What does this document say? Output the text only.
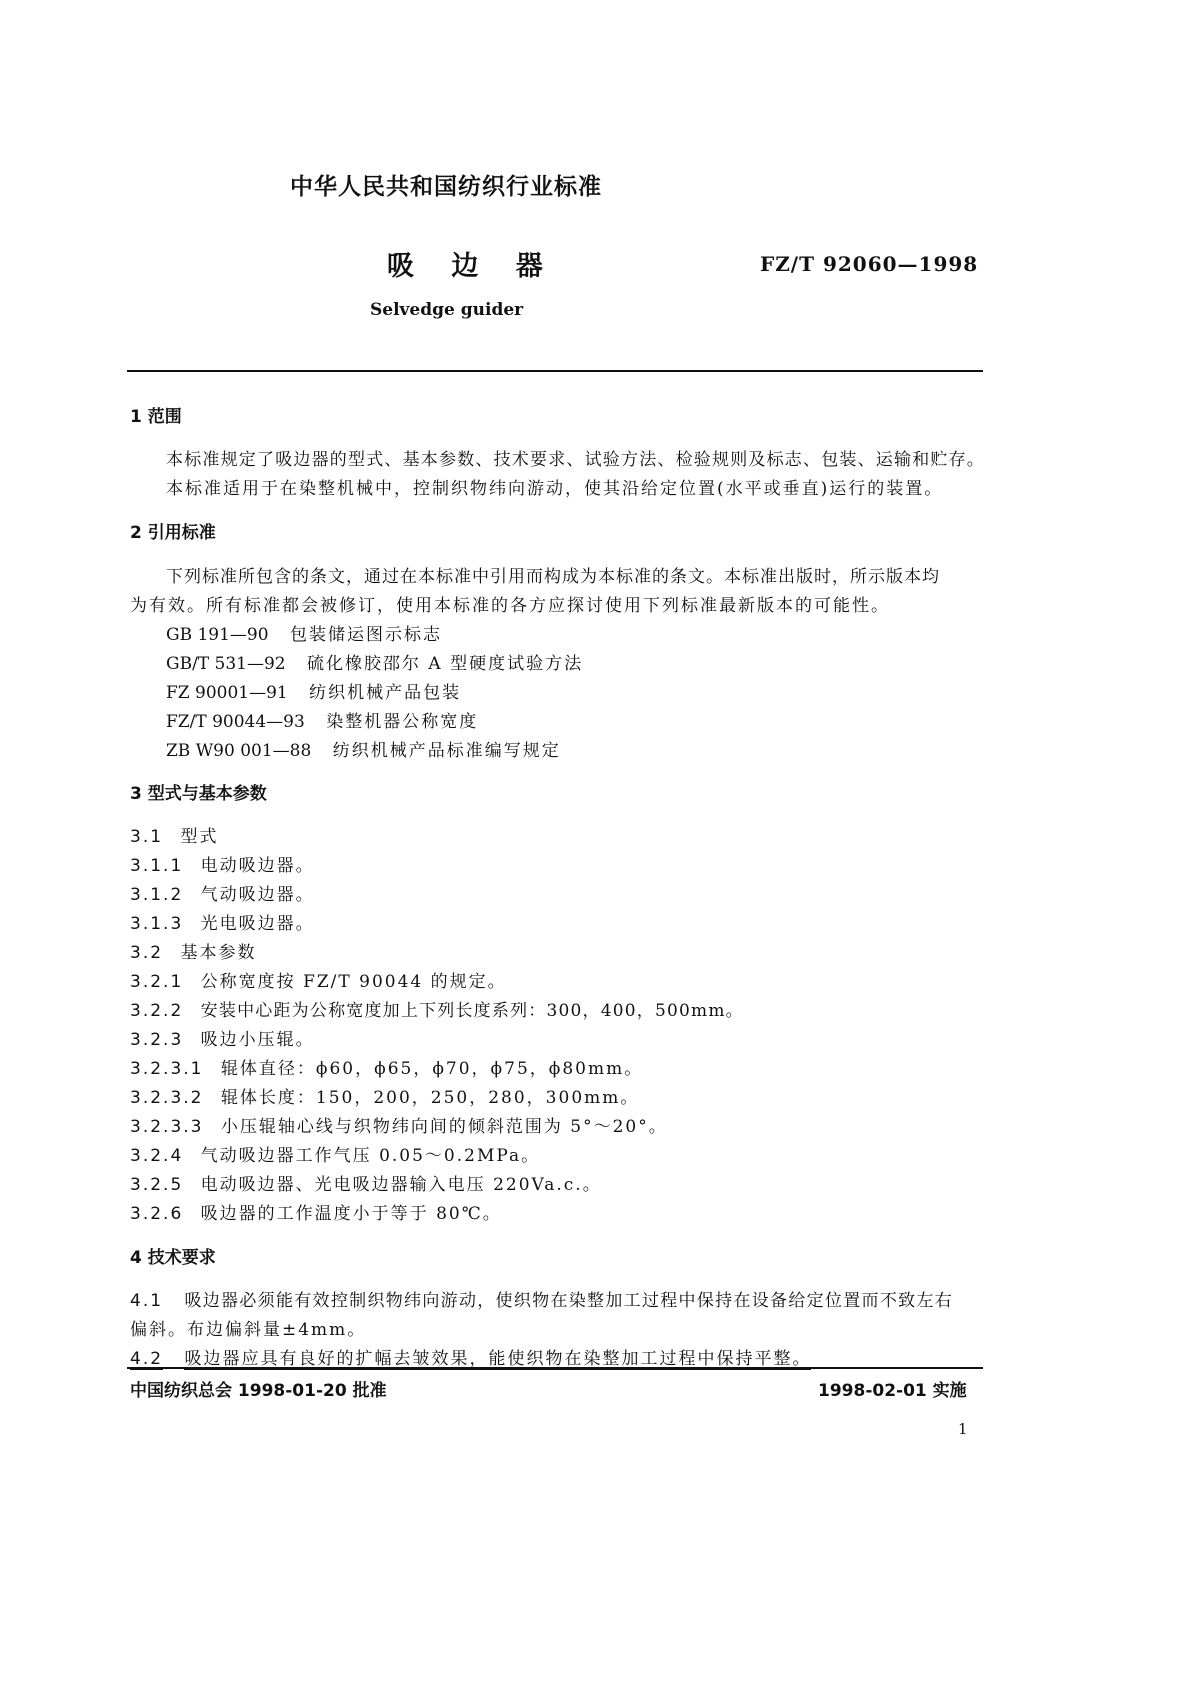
中华人民共和国纺织行业标准
吸 边 器	FZ/T 92060—1998
Selvedge guider
1 范围
本标准规定了吸边器的型式、基本参数、技术要求、试验方法、检验规则及标志、包装、运输和贮存。
本标准适用于在染整机械中，控制织物纬向游动，使其沿给定位置(水平或垂直)运行的装置。
2 引用标准
下列标准所包含的条文，通过在本标准中引用而构成为本标准的条文。本标准出版时，所示版本均
为有效。所有标准都会被修订，使用本标准的各方应探讨使用下列标准最新版本的可能性。
GB 191—90 包装储运图示标志
GB/T 531—92 硫化橡胶邵尔 A 型硬度试验方法
FZ 90001—91 纺织机械产品包装
FZ/T 90044—93 染整机器公称宽度
ZB W90 001—88 纺织机械产品标准编写规定
3 型式与基本参数
3.1 型式
3.1.1 电动吸边器。
3.1.2 气动吸边器。
3.1.3 光电吸边器。
3.2 基本参数
3.2.1 公称宽度按 FZ/T 90044 的规定。
3.2.2 安装中心距为公称宽度加上下列长度系列：300，400，500mm。
3.2.3 吸边小压辊。
3.2.3.1 辊体直径：ϕ60，ϕ65，ϕ70，ϕ75，ϕ80mm。
3.2.3.2 辊体长度：150，200，250，280，300mm。
3.2.3.3 小压辊轴心线与织物纬向间的倾斜范围为 5°～20°。
3.2.4 气动吸边器工作气压 0.05～0.2MPa。
3.2.5 电动吸边器、光电吸边器输入电压 220Va.c.。
3.2.6 吸边器的工作温度小于等于 80℃。
4 技术要求
4.1 吸边器必须能有效控制织物纬向游动，使织物在染整加工过程中保持在设备给定位置而不致左右
偏斜。布边偏斜量±4mm。
4.2 吸边器应具有良好的扩幅去皱效果，能使织物在染整加工过程中保持平整。
中国纺织总会 1998-01-20 批准	1998-02-01 实施
1
